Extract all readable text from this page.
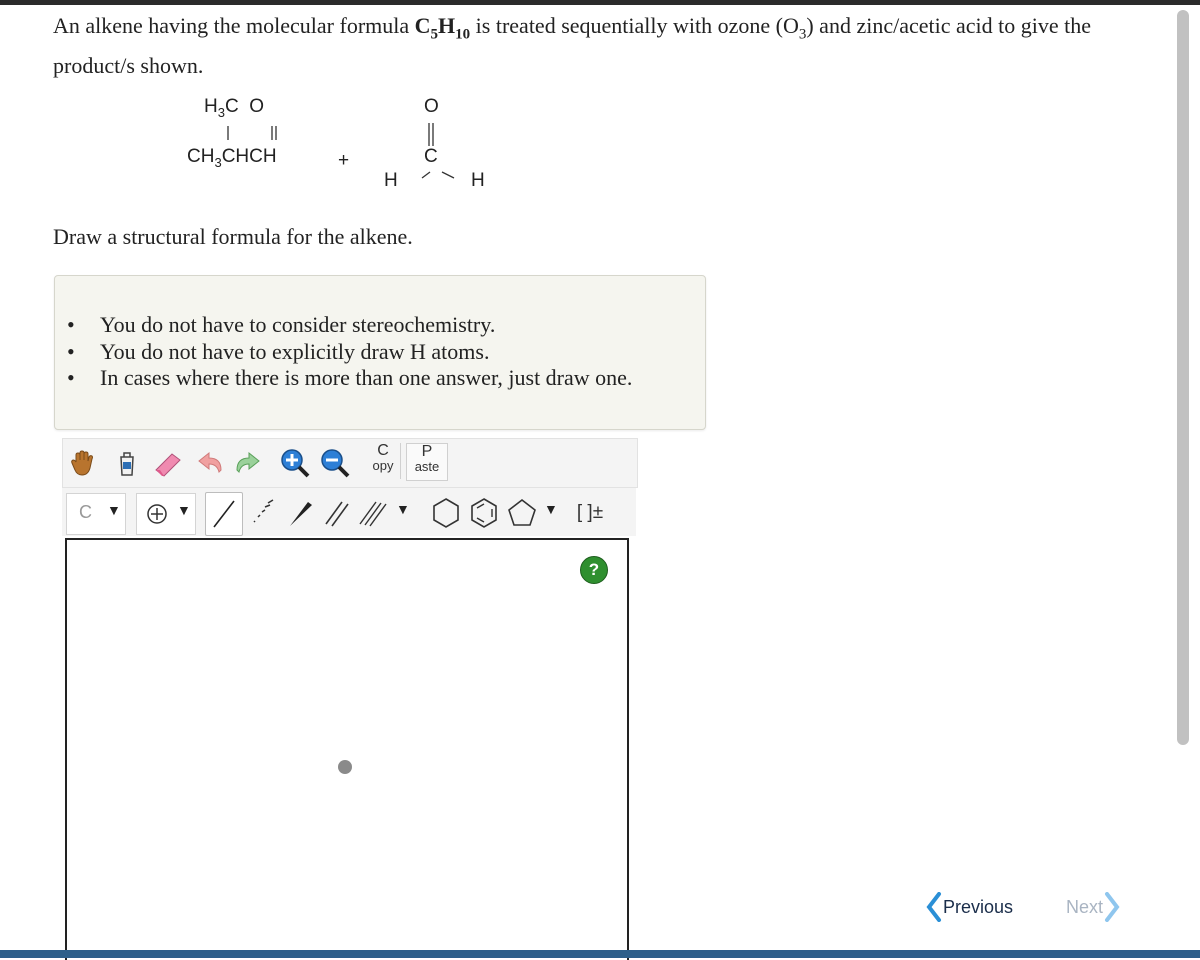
An alkene having the molecular formula $C_5H_{10}$ is treated sequentially with ozone $(O_3)$ and zinc/acetic acid to give the product/s shown.
$H_3C$  O
$CH_3CHCH$	+
O
C
H	H
Draw a structural formula for the alkene.
• You do not have to consider stereochemistry.
• You do not have to explicitly draw H atoms.
• In cases where there is more than one answer, just draw one.
C
opy
P
aste
C ▼	▼	▼	▼	[ ]±
?
Previous	Next
